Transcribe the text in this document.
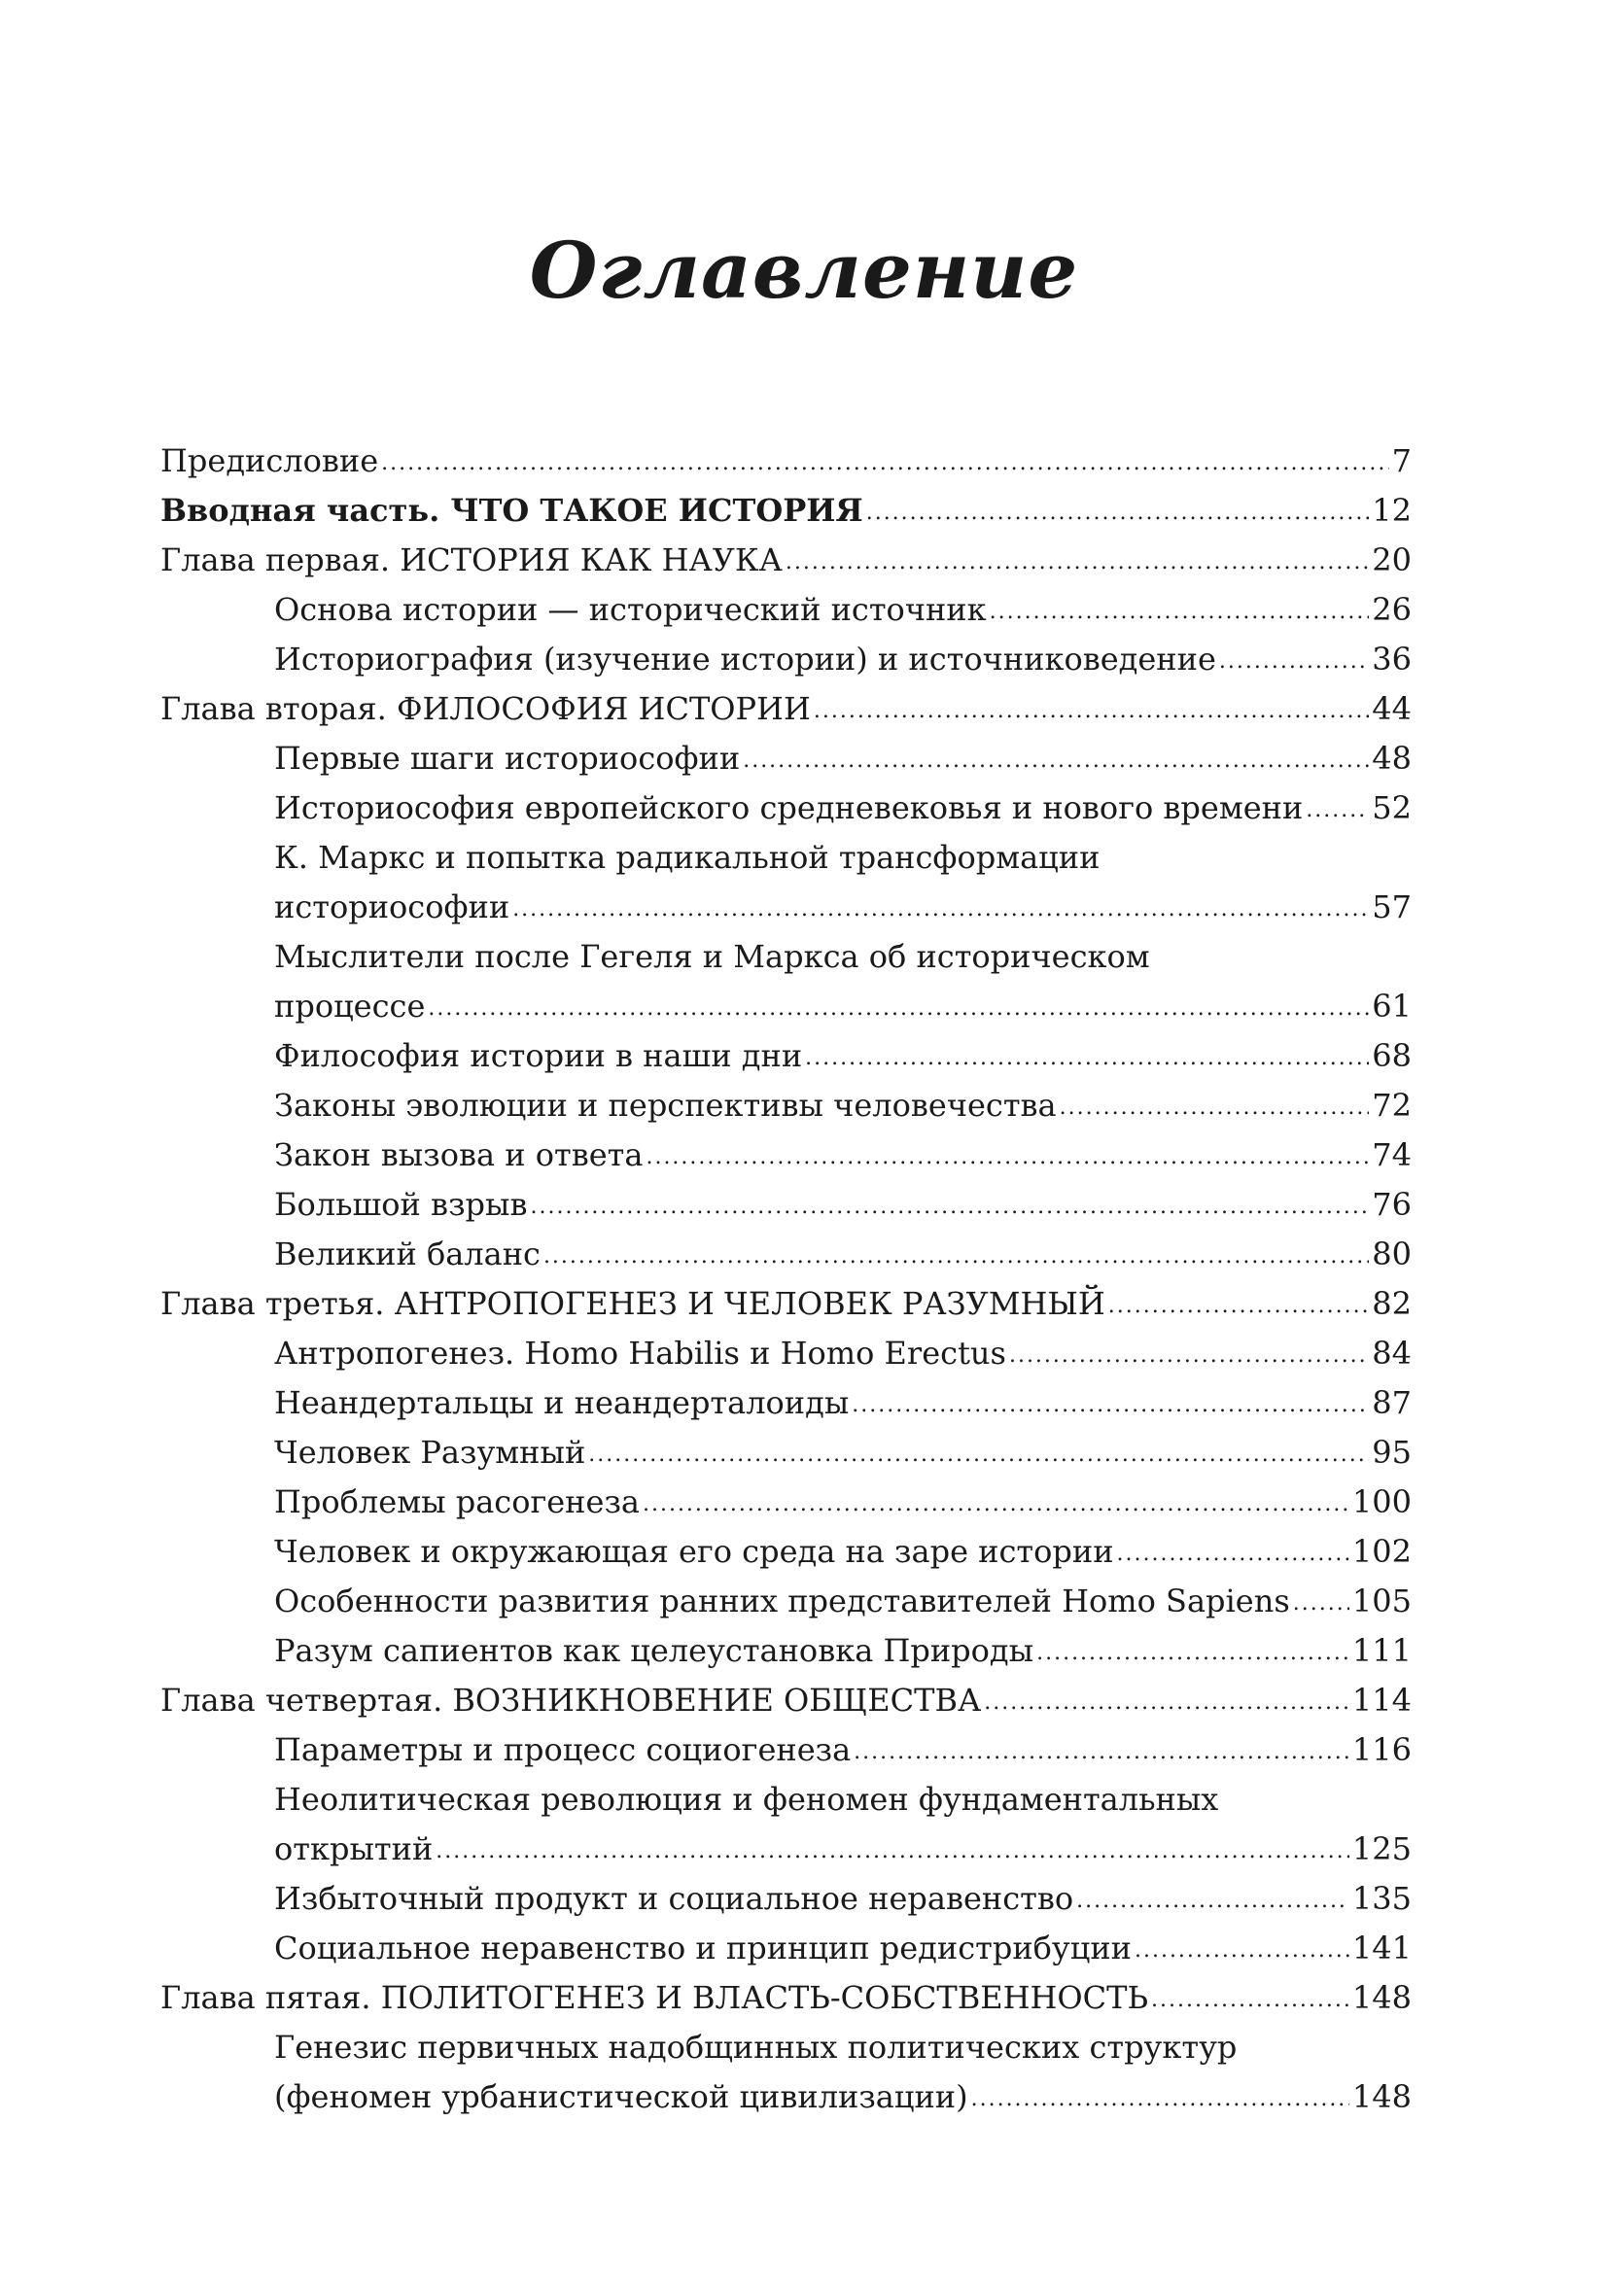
Оглавление
Предисловие .....	7
Вводная часть. ЧТО ТАКОЕ ИСТОРИЯ .....	12
Глава первая. ИСТОРИЯ КАК НАУКА .....	20
Основа истории — исторический источник .....	26
Историография (изучение истории) и источниковедение .....	36
Глава вторая. ФИЛОСОФИЯ ИСТОРИИ .....	44
Первые шаги историософии .....	48
Историософия европейского средневековья и нового времени ..... 52
К. Маркс и попытка радикальной трансформации
историософии .....	57
Мыслители после Гегеля и Маркса об историческом
процессе .....	61
Философия истории в наши дни .....	68
Законы эволюции и перспективы человечества .....	72
Закон вызова и ответа .....	74
Большой взрыв .....	76
Великий баланс .....	80
Глава третья. АНТРОПОГЕНЕЗ И ЧЕЛОВЕК РАЗУМНЫЙ .....	82
Антропогенез. Homo Habilis и Homo Erectus .....	84
Неандертальцы и неандерталоиды .....	87
Человек Разумный .....	95
Проблемы расогенеза .....	100
Человек и окружающая его среда на заре истории .....	102
Особенности развития ранних представителей Homo Sapiens ..... 105
Разум сапиентов как целеустановка Природы .....	111
Глава четвертая. ВОЗНИКНОВЕНИЕ ОБЩЕСТВА .....	114
Параметры и процесс социогенеза .....	116
Неолитическая революция и феномен фундаментальных
открытий .....	125
Избыточный продукт и социальное неравенство .....	135
Социальное неравенство и принцип редистрибуции .....	141
Глава пятая. ПОЛИТОГЕНЕЗ И ВЛАСТЬ-СОБСТВЕННОСТЬ .....	148
Генезис первичных надобщинных политических структур
(феномен урбанистической цивилизации) .....	148
